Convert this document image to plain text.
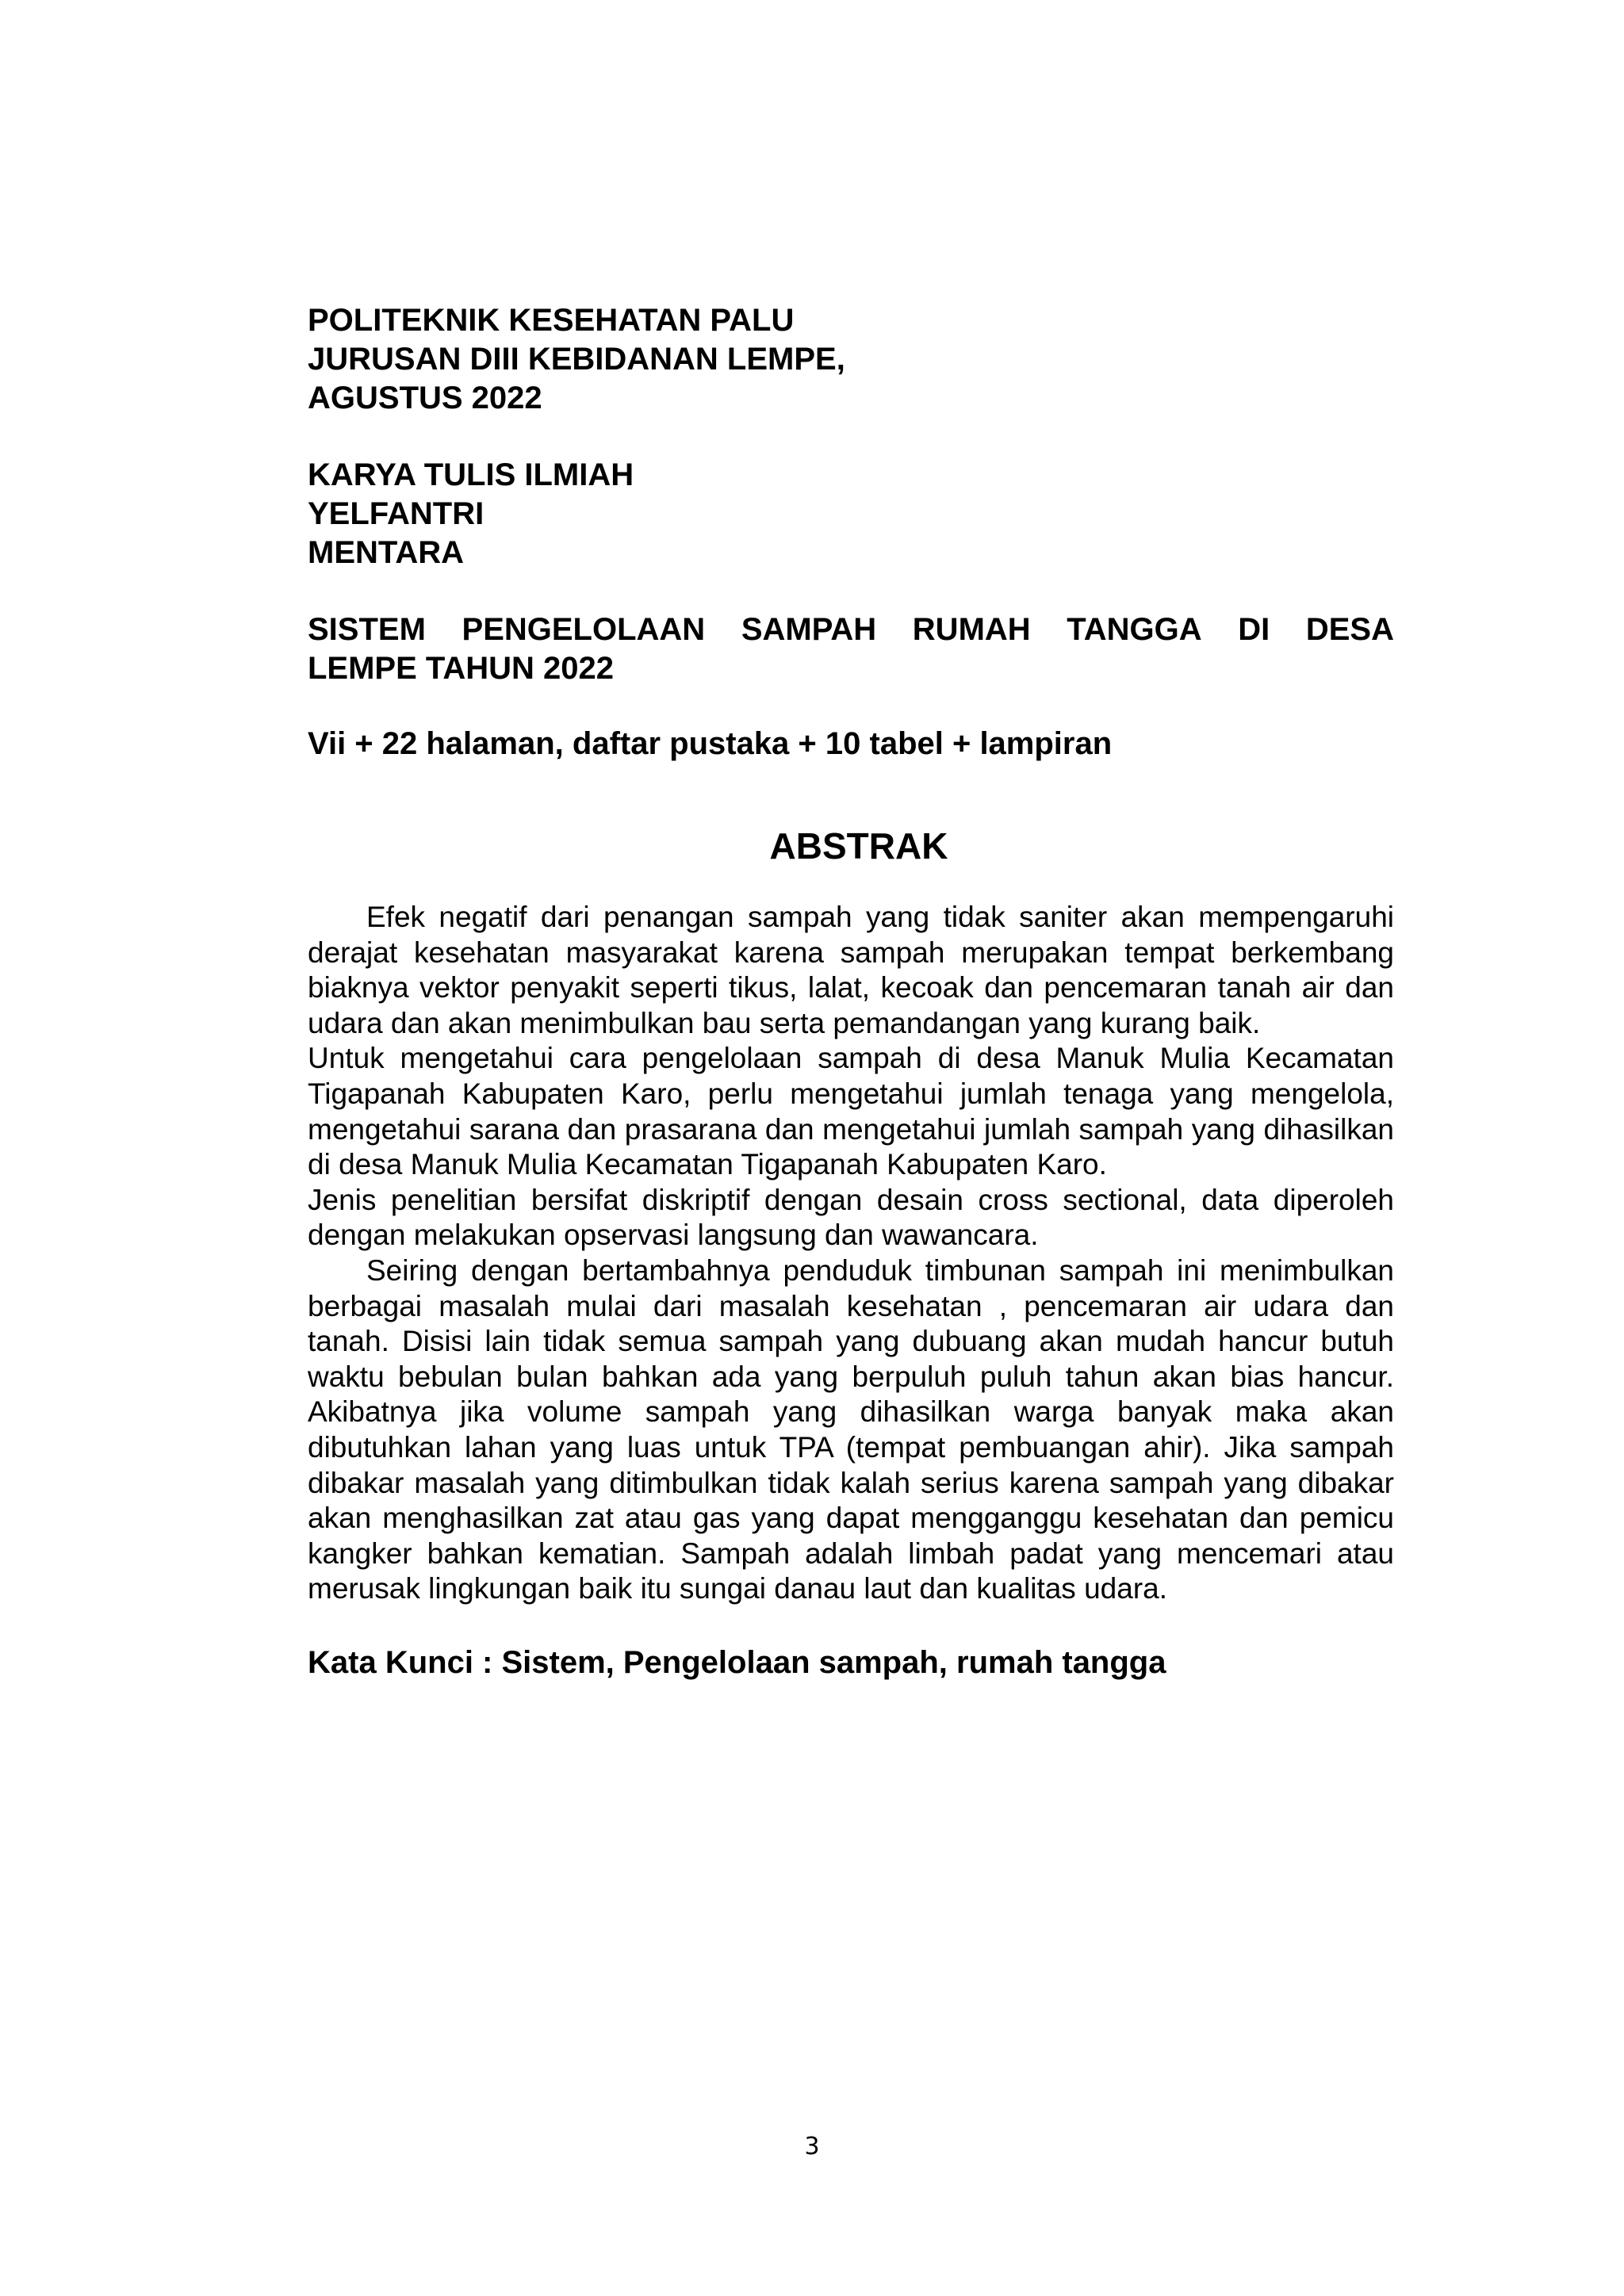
POLITEKNIK KESEHATAN PALU
JURUSAN DIII KEBIDANAN LEMPE,
AGUSTUS 2022
KARYA TULIS ILMIAH
YELFANTRI
MENTARA
SISTEM PENGELOLAAN SAMPAH RUMAH TANGGA DI DESA
LEMPE TAHUN 2022
Vii + 22 halaman, daftar pustaka + 10 tabel + lampiran
ABSTRAK

Efek negatif dari penangan sampah yang tidak saniter akan mempengaruhi derajat kesehatan masyarakat karena sampah merupakan tempat berkembang biaknya vektor penyakit seperti tikus, lalat, kecoak dan pencemaran tanah air dan udara dan akan menimbulkan bau serta pemandangan yang kurang baik.

Untuk mengetahui cara pengelolaan sampah di desa Manuk Mulia Kecamatan Tigapanah Kabupaten Karo, perlu mengetahui jumlah tenaga yang mengelola, mengetahui sarana dan prasarana dan mengetahui jumlah sampah yang dihasilkan di desa Manuk Mulia Kecamatan Tigapanah Kabupaten Karo.

Jenis penelitian bersifat diskriptif dengan desain cross sectional, data diperoleh dengan melakukan opservasi langsung dan wawancara.

Seiring dengan bertambahnya penduduk timbunan sampah ini menimbulkan berbagai masalah mulai dari masalah kesehatan , pencemaran air udara dan tanah. Disisi lain tidak semua sampah yang dubuang akan mudah hancur butuh waktu bebulan bulan bahkan ada yang berpuluh puluh tahun akan bias hancur. Akibatnya jika volume sampah yang dihasilkan warga banyak maka akan dibutuhkan lahan yang luas untuk TPA (tempat pembuangan ahir). Jika sampah dibakar masalah yang ditimbulkan tidak kalah serius karena sampah yang dibakar akan menghasilkan zat atau gas yang dapat mengganggu kesehatan dan pemicu kangker bahkan kematian. Sampah adalah limbah padat yang mencemari atau merusak lingkungan baik itu sungai danau laut dan kualitas udara.

Kata Kunci : Sistem, Pengelolaan sampah, rumah tangga
3
